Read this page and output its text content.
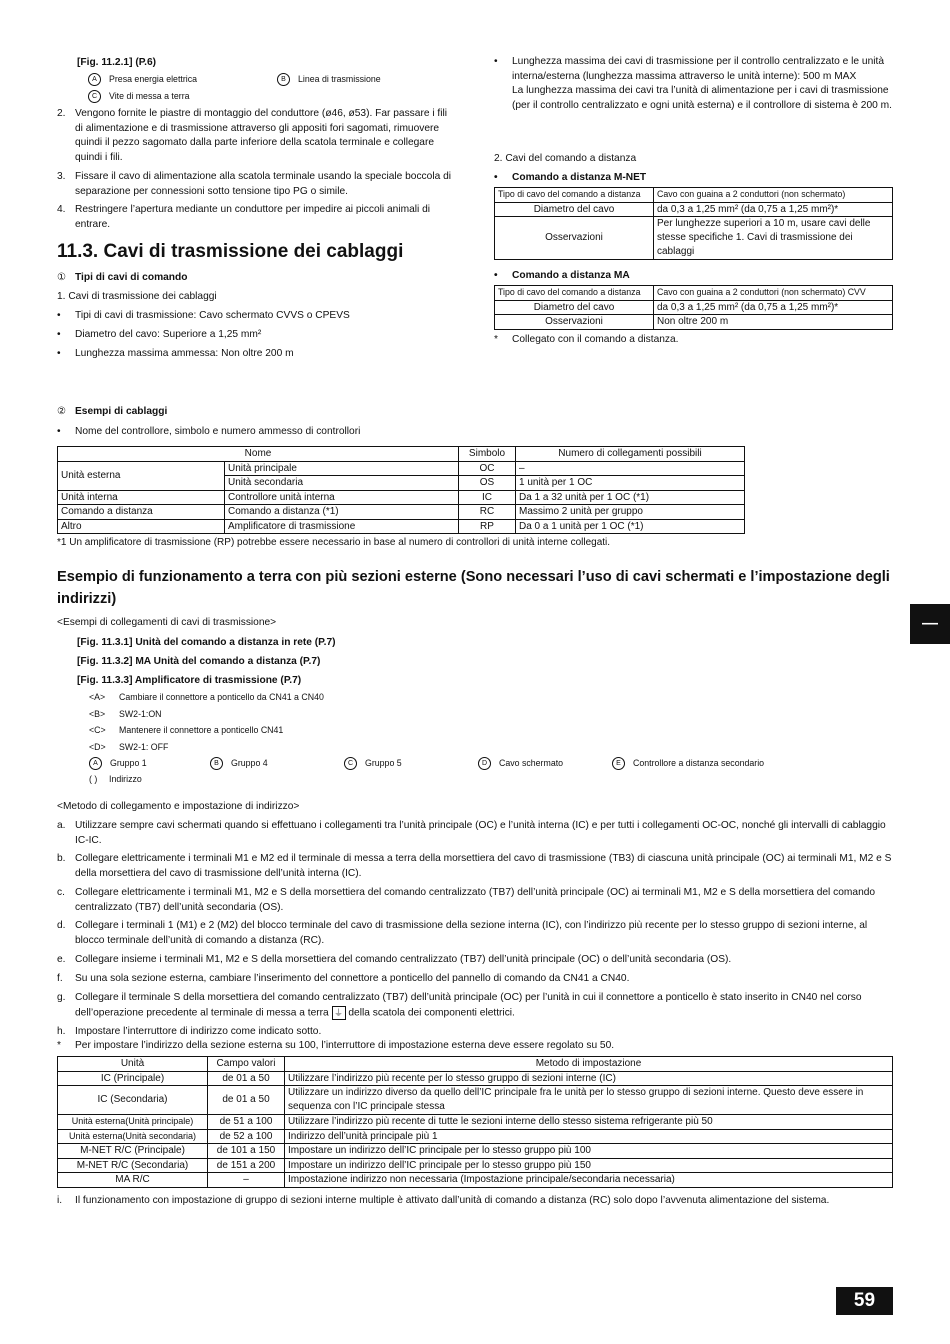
[Fig. 11.2.1] (P.6)
A Presa energia elettrica	B Linea di trasmissione
C Vite di messa a terra
2. Vengono fornite le piastre di montaggio del conduttore (ø46, ø53). Far passare i fili di alimentazione e di trasmissione attraverso gli appositi fori sagomati, rimuovere quindi il pezzo sagomato dalla parte inferiore della scatola terminale e collegare quindi i fili.
3. Fissare il cavo di alimentazione alla scatola terminale usando la speciale boccola di separazione per connessioni sotto tensione tipo PG o simile.
4. Restringere l’apertura mediante un conduttore per impedire ai piccoli animali di entrare.
11.3. Cavi di trasmissione dei cablaggi
① Tipi di cavi di comando
1. Cavi di trasmissione dei cablaggi
•	Tipi di cavi di trasmissione: Cavo schermato CVVS o CPEVS
•	Diametro del cavo: Superiore a 1,25 mm²
•	Lunghezza massima ammessa: Non oltre 200 m
•	Lunghezza massima dei cavi di trasmissione per il controllo centralizzato e le unità interna/esterna (lunghezza massima attraverso le unità interne): 500 m MAX
La lunghezza massima dei cavi tra l’unità di alimentazione per i cavi di trasmissione (per il controllo centralizzato e ogni unità esterna) e il controllore di sistema è 200 m.
2. Cavi del comando a distanza
•	Comando a distanza M-NET
Tipo di cavo del comando a distanza	Cavo con guaina a 2 conduttori (non schermato)
Diametro del cavo	da 0,3 a 1,25 mm² (da 0,75 a 1,25 mm²)*
Osservazioni	Per lunghezze superiori a 10 m, usare cavi delle stesse specifiche 1. Cavi di trasmissione dei cablaggi
•	Comando a distanza MA
Tipo di cavo del comando a distanza	Cavo con guaina a 2 conduttori (non schermato) CVV
Diametro del cavo	da 0,3 a 1,25 mm² (da 0,75 a 1,25 mm²)*
Osservazioni	Non oltre 200 m
*	Collegato con il comando a distanza.
② Esempi di cablaggi
•	Nome del controllore, simbolo e numero ammesso di controllori
Nome		Simbolo	Numero di collegamenti possibili
Unità esterna	Unità principale	OC	–
	Unità secondaria	OS	1 unità per 1 OC
Unità interna	Controllore unità interna	IC	Da 1 a 32 unità per 1 OC (*1)
Comando a distanza	Comando a distanza (*1)	RC	Massimo 2 unità per gruppo
Altro	Amplificatore di trasmissione	RP	Da 0 a 1 unità per 1 OC (*1)
*1 Un amplificatore di trasmissione (RP) potrebbe essere necessario in base al numero di controllori di unità interne collegati.
Esempio di funzionamento a terra con più sezioni esterne (Sono necessari l’uso di cavi schermati e l’impostazione degli indirizzi)
<Esempi di collegamenti di cavi di trasmissione>
[Fig. 11.3.1] Unità del comando a distanza in rete (P.7)
[Fig. 11.3.2] MA Unità del comando a distanza (P.7)
[Fig. 11.3.3] Amplificatore di trasmissione (P.7)
<A> Cambiare il connettore a ponticello da CN41 a CN40
<B> SW2-1:ON
<C> Mantenere il connettore a ponticello CN41
<D> SW2-1: OFF
A Gruppo 1	B Gruppo 4	C Gruppo 5	D Cavo schermato	E Controllore a distanza secondario
( ) Indirizzo
<Metodo di collegamento e impostazione di indirizzo>
a. Utilizzare sempre cavi schermati quando si effettuano i collegamenti tra l’unità principale (OC) e l’unità interna (IC) e per tutti i collegamenti OC-OC, nonché gli intervalli di cablaggio IC-IC.
b. Collegare elettricamente i terminali M1 e M2 ed il terminale di messa a terra della morsettiera del cavo di trasmissione (TB3) di ciascuna unità principale (OC) ai terminali M1, M2 e S della morsettiera del cavo di trasmissione dell’unità interna (IC).
c. Collegare elettricamente i terminali M1, M2 e S della morsettiera del comando centralizzato (TB7) dell’unità principale (OC) ai terminali M1, M2 e S della morsettiera del comando centralizzato (TB7) dell’unità secondaria (OS).
d. Collegare i terminali 1 (M1) e 2 (M2) del blocco terminale del cavo di trasmissione della sezione interna (IC), con l’indirizzo più recente per lo stesso gruppo di sezioni interne, al blocco terminale dell’unità di comando a distanza (RC).
e. Collegare insieme i terminali M1, M2 e S della morsettiera del comando centralizzato (TB7) dell’unità principale (OC) o dell’unità secondaria (OS).
f.	Su una sola sezione esterna, cambiare l’inserimento del connettore a ponticello del pannello di comando da CN41 a CN40.
g. Collegare il terminale S della morsettiera del comando centralizzato (TB7) dell’unità principale (OC) per l’unità in cui il connettore a ponticello è stato inserito in CN40 nel corso dell’operazione precedente al terminale di messa a terra ⏚ della scatola dei componenti elettrici.
h. Impostare l’interruttore di indirizzo come indicato sotto.
*	Per impostare l’indirizzo della sezione esterna su 100, l’interruttore di impostazione esterna deve essere regolato su 50.
Unità	Campo valori	Metodo di impostazione
IC (Principale)	de 01 a 50	Utilizzare l’indirizzo più recente per lo stesso gruppo di sezioni interne (IC)
IC (Secondaria)	de 01 a 50	Utilizzare un indirizzo diverso da quello dell’IC principale fra le unità per lo stesso gruppo di sezioni interne. Questo deve essere in sequenza con l’IC principale stessa
Unità esterna(Unità principale)	de 51 a 100	Utilizzare l’indirizzo più recente di tutte le sezioni interne dello stesso sistema refrigerante più 50
Unità esterna(Unità secondaria)	de 52 a 100	Indirizzo dell’unità principale più 1
M-NET R/C (Principale)	de 101 a 150	Impostare un indirizzo dell’IC principale per lo stesso gruppo più 100
M-NET R/C (Secondaria)	de 151 a 200	Impostare un indirizzo dell’IC principale per lo stesso gruppo più 150
MA R/C	–	Impostazione indirizzo non necessaria (Impostazione principale/secondaria necessaria)
i.	Il funzionamento con impostazione di gruppo di sezioni interne multiple è attivato dall’unità di comando a distanza (RC) solo dopo l’avvenuta alimentazione del sistema.
—
59
